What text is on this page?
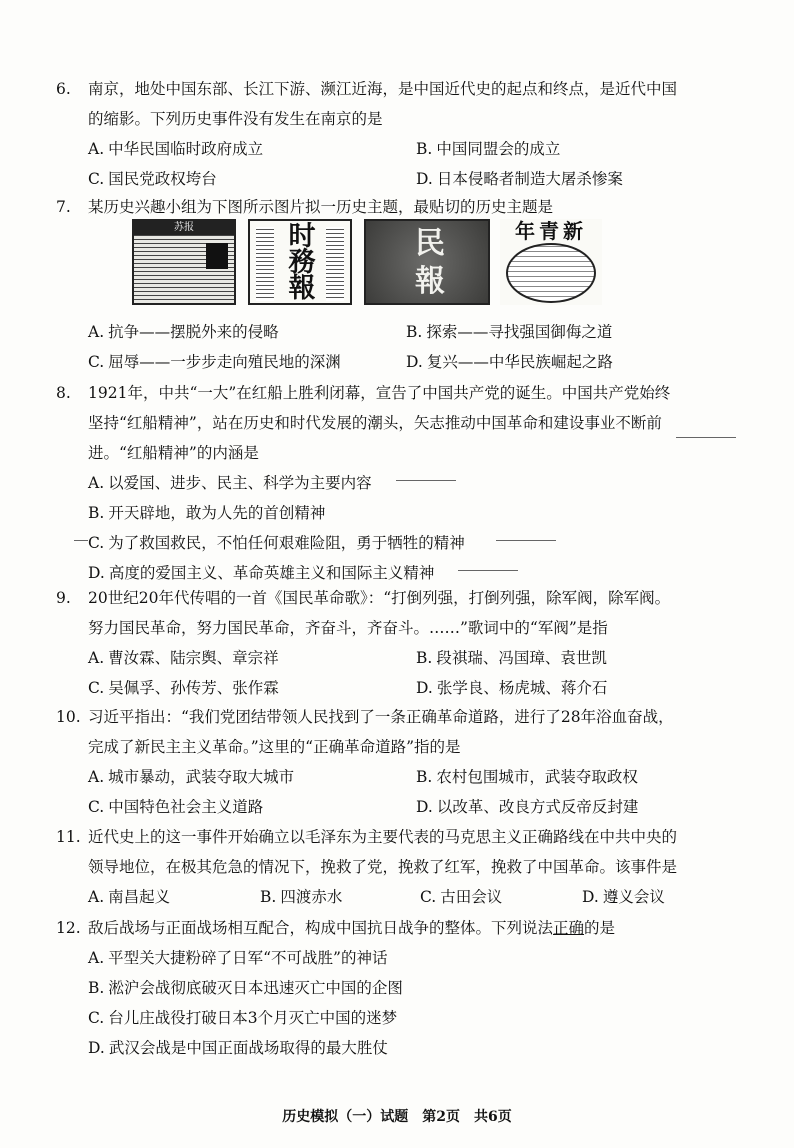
6. 南京，地处中国东部、长江下游、濒江近海，是中国近代史的起点和终点，是近代中国
的缩影。下列历史事件没有发生在南京的是
A. 中华民国临时政府成立	B. 中国同盟会的成立
C. 国民党政权垮台	D. 日本侵略者制造大屠杀惨案
7. 某历史兴趣小组为下图所示图片拟一历史主题，最贴切的历史主题是
苏报	时
務
報
民
報
年青新
A. 抗争——摆脱外来的侵略	B. 探索——寻找强国御侮之道
C. 屈辱——一步步走向殖民地的深渊	D. 复兴——中华民族崛起之路
8. 1921年，中共“一大”在红船上胜利闭幕，宣告了中国共产党的诞生。中国共产党始终
坚持“红船精神”，站在历史和时代发展的潮头，矢志推动中国革命和建设事业不断前
进。“红船精神”的内涵是
A. 以爱国、进步、民主、科学为主要内容
B. 开天辟地，敢为人先的首创精神
C. 为了救国救民，不怕任何艰难险阻，勇于牺牲的精神
D. 高度的爱国主义、革命英雄主义和国际主义精神
9. 20世纪20年代传唱的一首《国民革命歌》：“打倒列强，打倒列强，除军阀，除军阀。
努力国民革命，努力国民革命，齐奋斗，齐奋斗。……”歌词中的“军阀”是指
A. 曹汝霖、陆宗舆、章宗祥	B. 段祺瑞、冯国璋、袁世凯
C. 吴佩孚、孙传芳、张作霖	D. 张学良、杨虎城、蒋介石
10. 习近平指出：“我们党团结带领人民找到了一条正确革命道路，进行了28年浴血奋战，
完成了新民主主义革命。”这里的“正确革命道路”指的是
A. 城市暴动，武装夺取大城市	B. 农村包围城市，武装夺取政权
C. 中国特色社会主义道路	D. 以改革、改良方式反帝反封建
11. 近代史上的这一事件开始确立以毛泽东为主要代表的马克思主义正确路线在中共中央的
领导地位，在极其危急的情况下，挽救了党，挽救了红军，挽救了中国革命。该事件是
A. 南昌起义	B. 四渡赤水	C. 古田会议	D. 遵义会议
12. 敌后战场与正面战场相互配合，构成中国抗日战争的整体。下列说法正确的是
A. 平型关大捷粉碎了日军“不可战胜”的神话
B. 淞沪会战彻底破灭日本迅速灭亡中国的企图
C. 台儿庄战役打破日本3个月灭亡中国的迷梦
D. 武汉会战是中国正面战场取得的最大胜仗
历史模拟（一）试题　第2页　共6页
